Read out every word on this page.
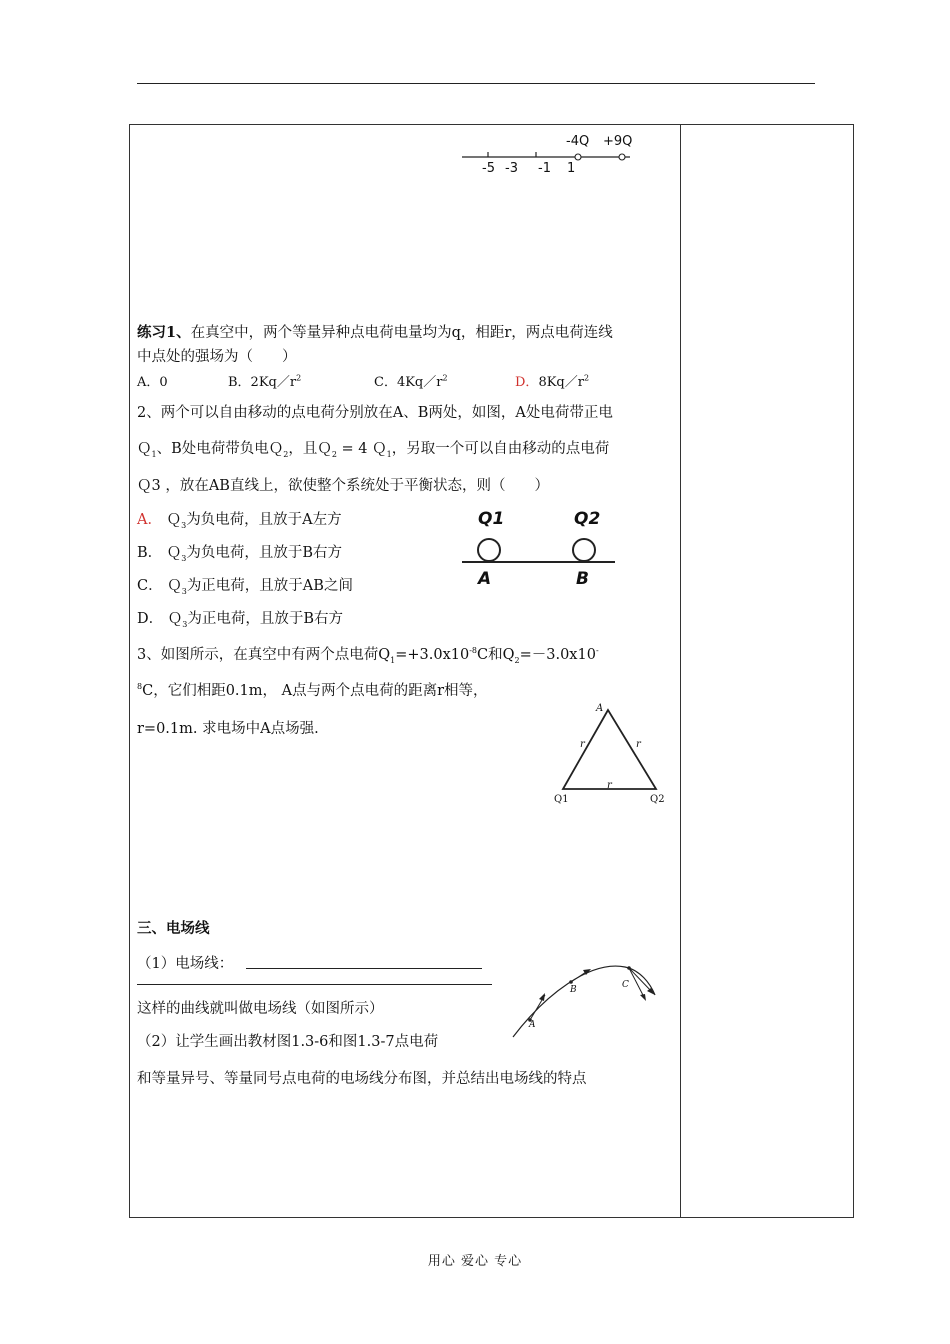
-4Q +9Q
-5 -3 -1 1
练习1、在真空中，两个等量异种点电荷电量均为q，相距r，两点电荷连线
中点处的强场为（　　）
A．0	B．$2Kq/r^2$	C．$4Kq/r^2$	D．$8Kq/r^2$
2、两个可以自由移动的点电荷分别放在A、B两处，如图，A处电荷带正电
Ｑ$_1$、B处电荷带负电Ｑ$_2$，且Ｑ$_2$ = 4 Ｑ$_1$，另取一个可以自由移动的点电荷
Ｑ3 ，放在AB直线上，欲使整个系统处于平衡状态，则（　　）
A． Ｑ$_3$为负电荷，且放于A左方
B． Ｑ$_3$为负电荷，且放于B右方
C． Ｑ$_3$为正电荷，且放于AB之间
D． Ｑ$_3$为正电荷，且放于B右方
Q1	Q2
A	B
3、如图所示，在真空中有两个点电荷$Q_1=+3.0x10^{-8}C$和$Q_2=-3.0x10^-$
$^8$C，它们相距0.1m， A点与两个点电荷的距离r相等，
r=0.1m. 求电场中A点场强.
A
r	r
r
Q1	Q2
三、电场线
（1）电场线：
这样的曲线就叫做电场线（如图所示）
（2）让学生画出教材图1.3-6和图1.3-7点电荷
和等量异号、等量同号点电荷的电场线分布图，并总结出电场线的特点
A
B	C
用心 爱心 专心
